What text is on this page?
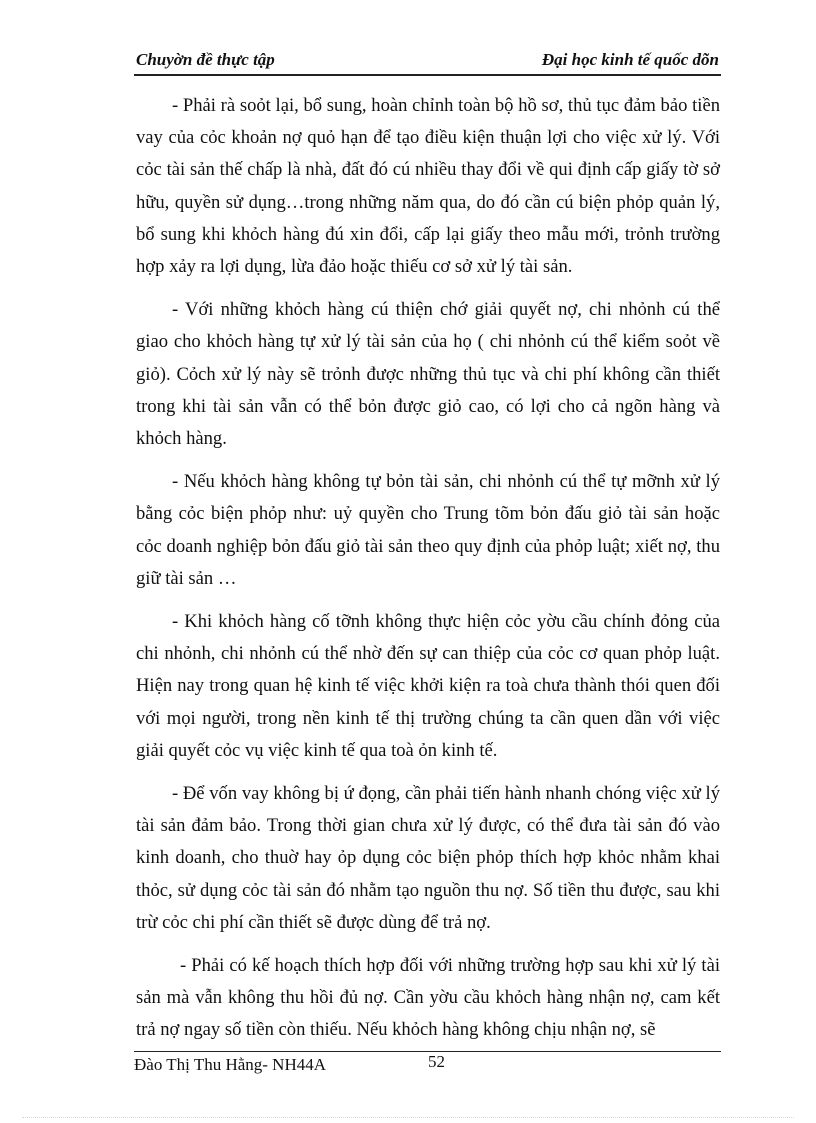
Chuyờn đề thực tập	Đại học kinh tế quốc dõn

- Phải rà soỏt lại, bổ sung, hoàn chỉnh toàn bộ hồ sơ, thủ tục đảm bảo tiền vay của cỏc khoản nợ quỏ hạn để tạo điều kiện thuận lợi cho việc xử lý. Với cỏc tài sản thế chấp là nhà, đất đó cú nhiều thay đổi về qui định cấp giấy tờ sở hữu, quyền sử dụng…trong những năm qua, do đó cần cú biện phỏp quản lý, bổ sung khi khỏch hàng đú xin đổi, cấp lại giấy theo mẫu mới, trỏnh trường hợp xảy ra lợi dụng, lừa đảo hoặc thiếu cơ sở xử lý tài sản.

- Với những khỏch hàng cú thiện chớ giải quyết nợ, chi nhỏnh cú thể giao cho khỏch hàng tự xử lý tài sản của họ ( chi nhỏnh cú thể kiểm soỏt về giỏ). Cỏch xử lý này sẽ trỏnh được những thủ tục và chi phí không cần thiết trong khi tài sản vẫn có thể bỏn được giỏ cao, có lợi cho cả ngõn hàng và khỏch hàng.

- Nếu khỏch hàng không tự bỏn tài sản, chi nhỏnh cú thể tự mỡnh xử lý bằng cỏc biện phỏp như: uỷ quyền cho Trung tõm bỏn đấu giỏ tài sản hoặc cỏc doanh nghiệp bỏn đấu giỏ tài sản theo quy định của phỏp luật; xiết nợ, thu giữ tài sản …

- Khi khỏch hàng cố tỡnh không thực hiện cỏc yờu cầu chính đỏng của chi nhỏnh, chi nhỏnh cú thể nhờ đến sự can thiệp của cỏc cơ quan phỏp luật. Hiện nay trong quan hệ kinh tế việc khởi kiện ra toà chưa thành thói quen đối với mọi người, trong nền kinh tế thị trường chúng ta cần quen dần với việc giải quyết cỏc vụ việc kinh tế qua toà ỏn kinh tế.

- Để vốn vay không bị ứ đọng, cần phải tiến hành nhanh chóng việc xử lý tài sản đảm bảo. Trong thời gian chưa xử lý được, có thể đưa tài sản đó vào kinh doanh, cho thuờ hay ỏp dụng cỏc biện phỏp thích hợp khỏc nhằm khai thỏc, sử dụng cỏc tài sản đó nhằm tạo nguồn thu nợ. Số tiền thu được, sau khi trừ cỏc chi phí cần thiết sẽ được dùng để trả nợ.

- Phải có kế hoạch thích hợp đối với những trường hợp sau khi xử lý tài sản mà vẫn không thu hồi đủ nợ. Cần yờu cầu khỏch hàng nhận nợ, cam kết trả nợ ngay số tiền còn thiếu. Nếu khỏch hàng không chịu nhận nợ, sẽ

Đào Thị Thu Hằng- NH44A	52
